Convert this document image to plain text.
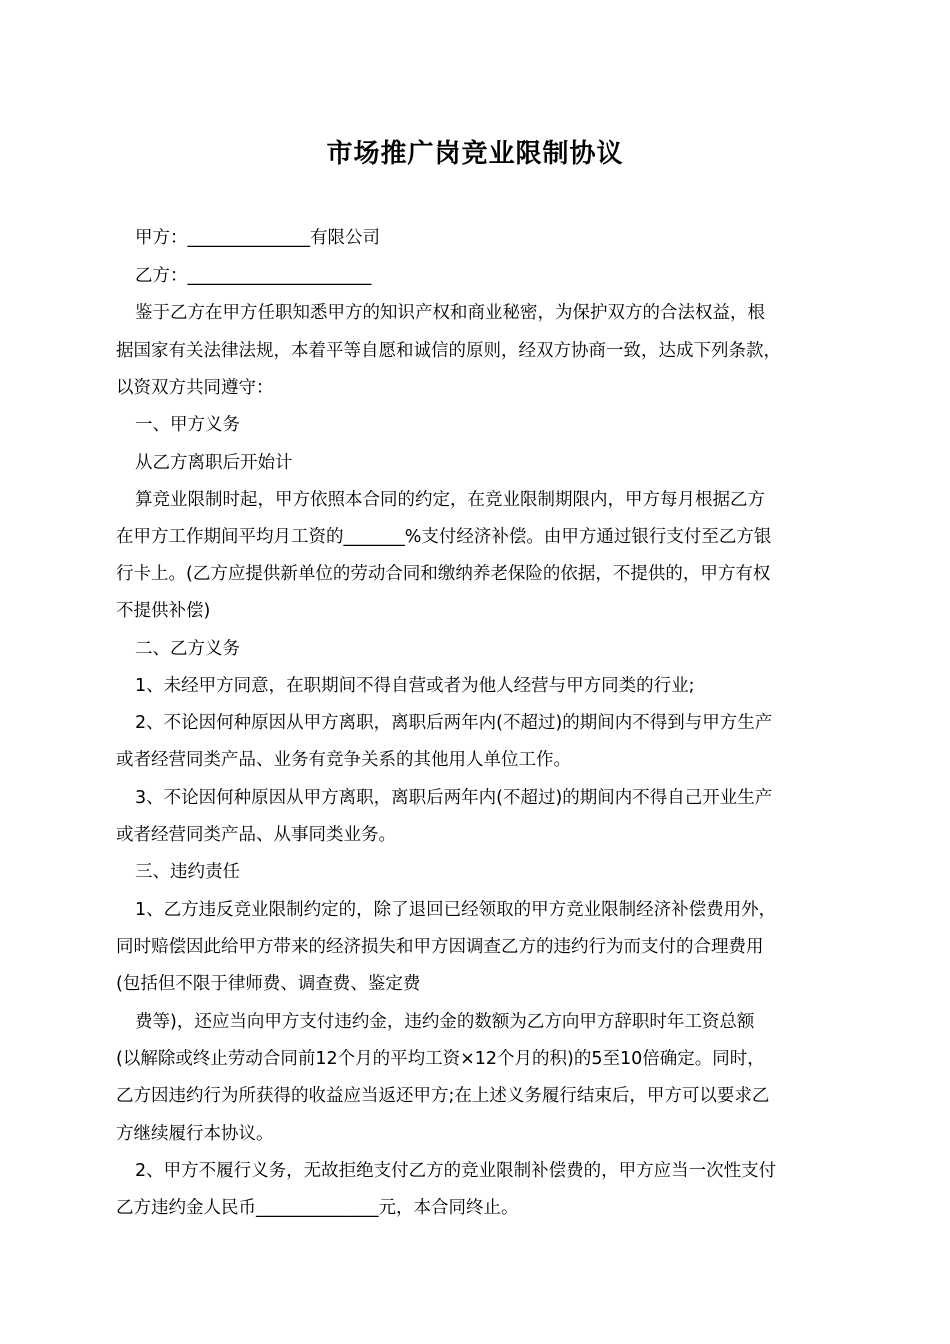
市场推广岗竞业限制协议
甲方：______________有限公司
乙方：_____________________
鉴于乙方在甲方任职知悉甲方的知识产权和商业秘密，为保护双方的合法权益，根
据国家有关法律法规，本着平等自愿和诚信的原则，经双方协商一致，达成下列条款，
以资双方共同遵守：
一、甲方义务
从乙方离职后开始计
算竞业限制时起，甲方依照本合同的约定，在竞业限制期限内，甲方每月根据乙方
在甲方工作期间平均月工资的_______%支付经济补偿。由甲方通过银行支付至乙方银
行卡上。(乙方应提供新单位的劳动合同和缴纳养老保险的依据，不提供的，甲方有权
不提供补偿)
二、乙方义务
1、未经甲方同意，在职期间不得自营或者为他人经营与甲方同类的行业;
2、不论因何种原因从甲方离职，离职后两年内(不超过)的期间内不得到与甲方生产
或者经营同类产品、业务有竞争关系的其他用人单位工作。
3、不论因何种原因从甲方离职，离职后两年内(不超过)的期间内不得自己开业生产
或者经营同类产品、从事同类业务。
三、违约责任
1、乙方违反竞业限制约定的，除了退回已经领取的甲方竞业限制经济补偿费用外，
同时赔偿因此给甲方带来的经济损失和甲方因调查乙方的违约行为而支付的合理费用
(包括但不限于律师费、调查费、鉴定费
费等)，还应当向甲方支付违约金，违约金的数额为乙方向甲方辞职时年工资总额
(以解除或终止劳动合同前12个月的平均工资×12个月的积)的5至10倍确定。同时，
乙方因违约行为所获得的收益应当返还甲方;在上述义务履行结束后，甲方可以要求乙
方继续履行本协议。
2、甲方不履行义务，无故拒绝支付乙方的竞业限制补偿费的，甲方应当一次性支付
乙方违约金人民币______________元，本合同终止。
